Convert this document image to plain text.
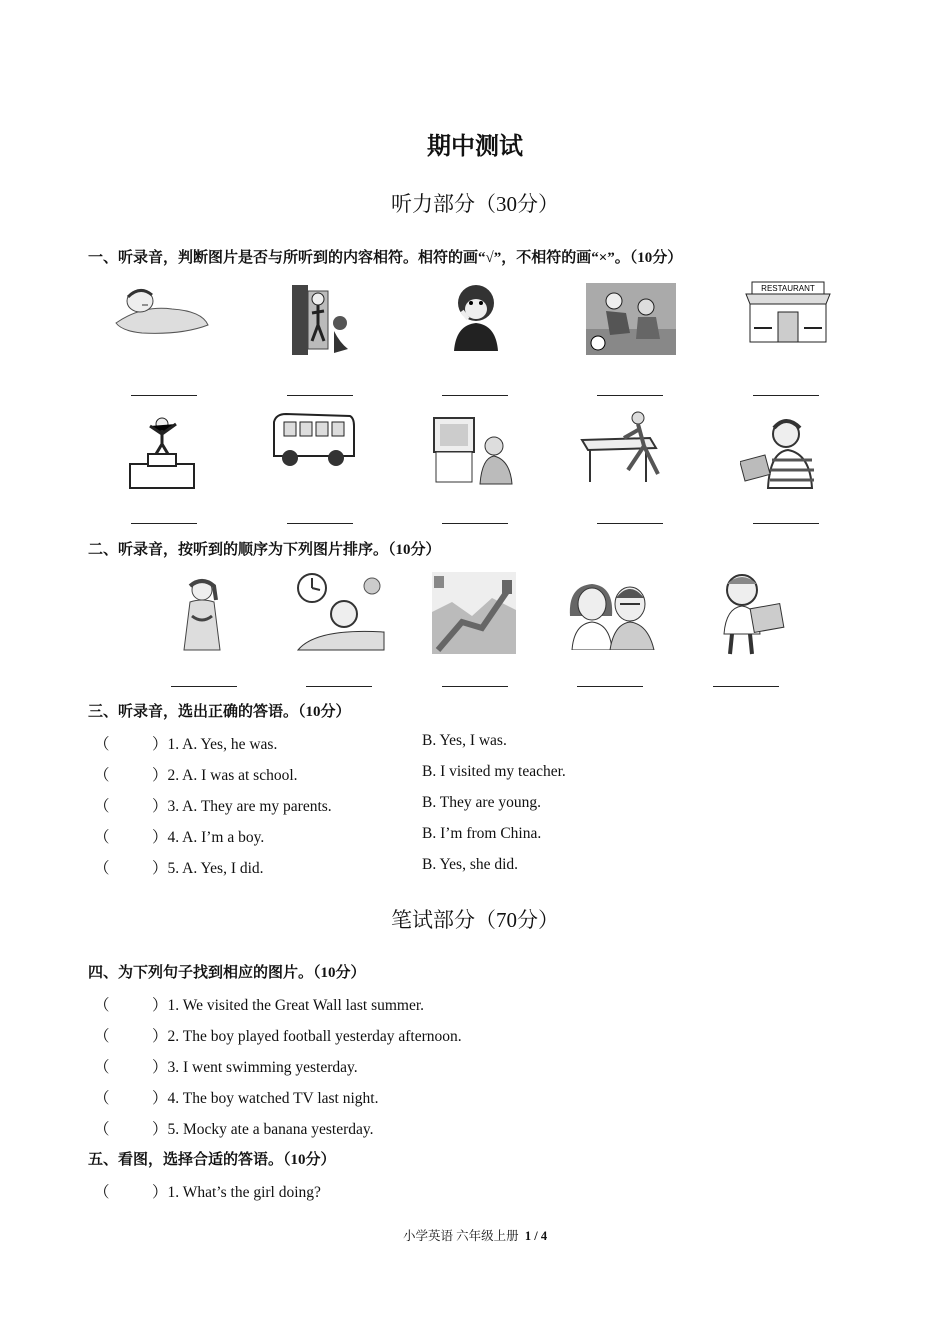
期中测试
听力部分（30分）
一、听录音，判断图片是否与所听到的内容相符。相符的画“√”，不相符的画“×”。（10分）
RESTAURANT
二、听录音，按听到的顺序为下列图片排序。（10分）
三、听录音，选出正确的答语。（10分）
（	）1. A. Yes, he was.	B. Yes, I was.
（	）2. A. I was at school.	B. I visited my teacher.
（	）3. A. They are my parents.	B. They are young.
（	）4. A. I’m a boy.	B. I’m from China.
（	）5. A. Yes, I did.	B. Yes, she did.
笔试部分（70分）
四、为下列句子找到相应的图片。（10分）
（	）1. We visited the Great Wall last summer.
（	）2. The boy played football yesterday afternoon.
（	）3. I went swimming yesterday.
（	）4. The boy watched TV last night.
（	）5. Mocky ate a banana yesterday.
五、看图，选择合适的答语。（10分）
（	）1. What’s the girl doing?
小学英语 六年级上册 1 / 4
